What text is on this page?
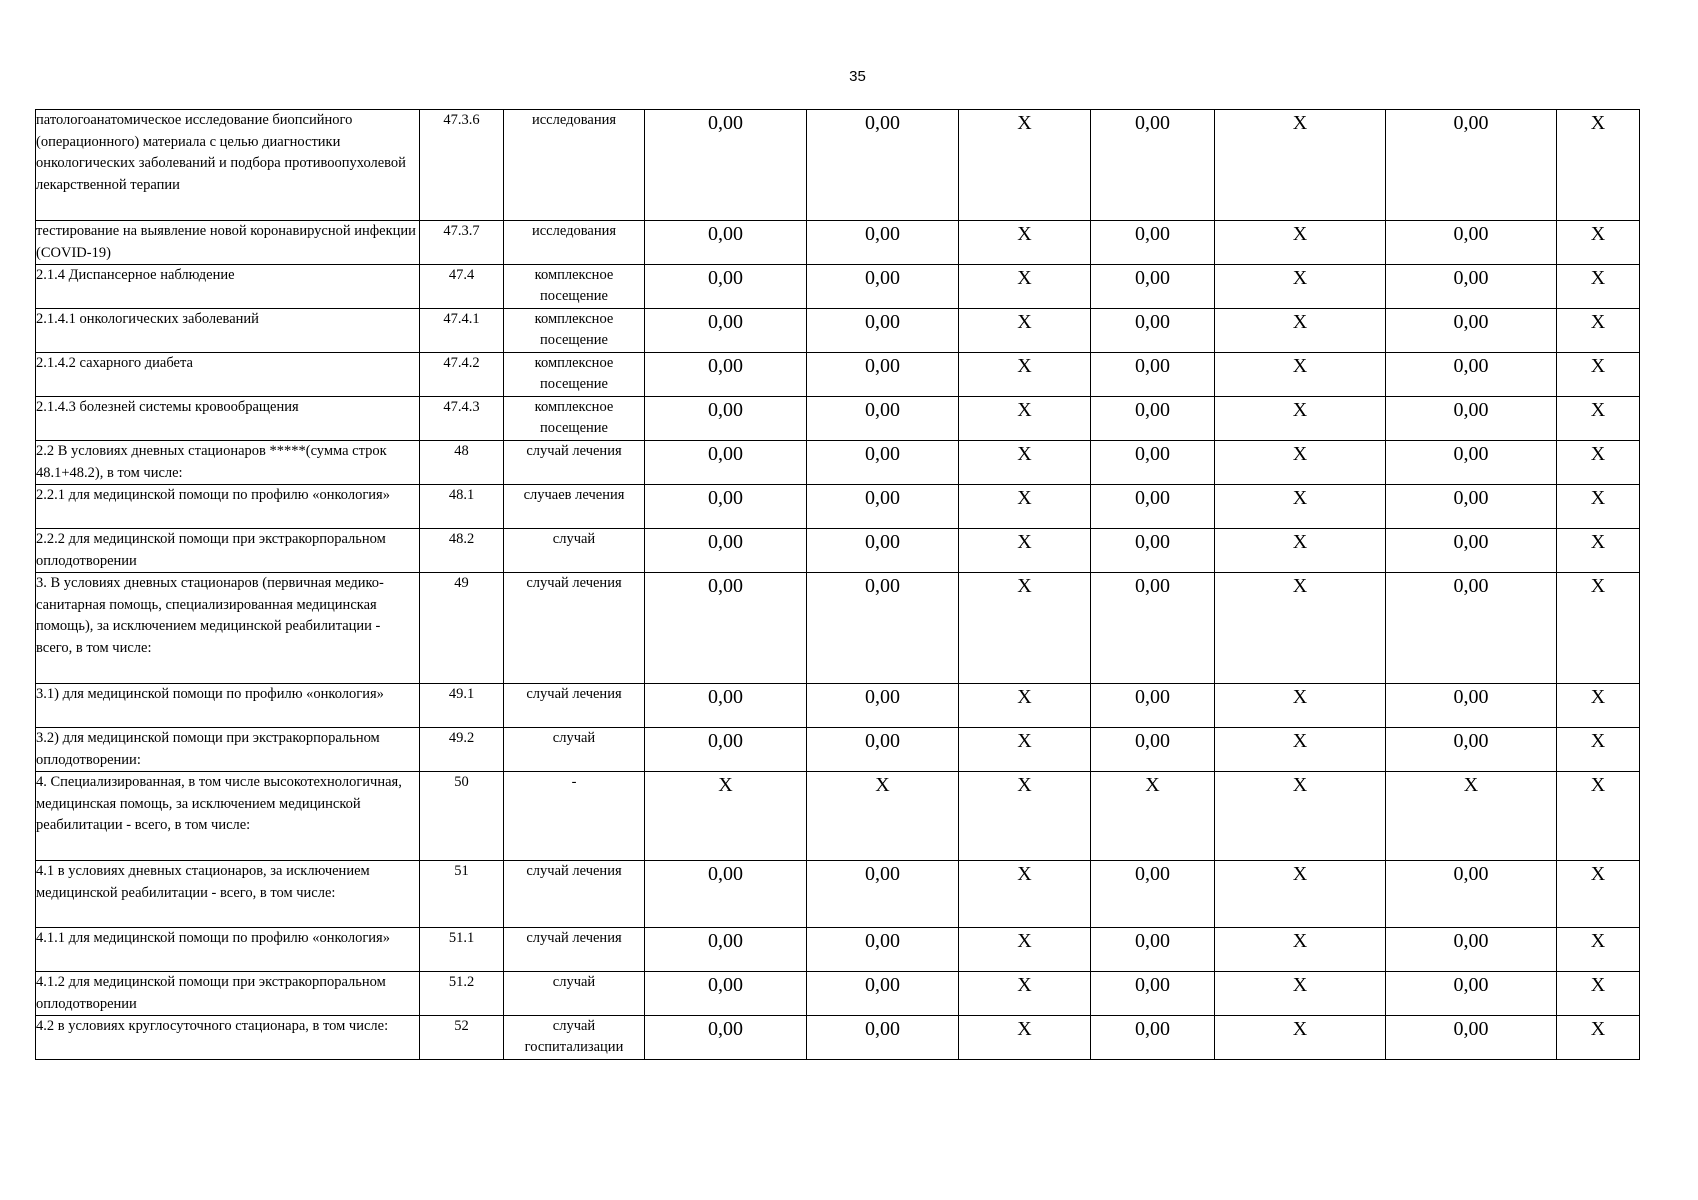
35
патологоанатомическое исследование биопсийного (операционного) материала с целью диагностики онкологических заболеваний и подбора противоопухолевой лекарственной терапии	47.3.6	исследования	0,00	0,00	X	0,00	X	0,00	X
тестирование на выявление новой коронавирусной инфекции (COVID-19)	47.3.7	исследования	0,00	0,00	X	0,00	X	0,00	X
2.1.4 Диспансерное наблюдение	47.4	комплексное посещение	0,00	0,00	X	0,00	X	0,00	X
2.1.4.1 онкологических заболеваний	47.4.1	комплексное посещение	0,00	0,00	X	0,00	X	0,00	X
2.1.4.2 сахарного диабета	47.4.2	комплексное посещение	0,00	0,00	X	0,00	X	0,00	X
2.1.4.3 болезней системы кровообращения	47.4.3	комплексное посещение	0,00	0,00	X	0,00	X	0,00	X
2.2 В условиях дневных стационаров *****(сумма строк 48.1+48.2), в том числе:	48	случай лечения	0,00	0,00	X	0,00	X	0,00	X
2.2.1 для медицинской помощи по профилю «онкология»	48.1	случаев лечения	0,00	0,00	X	0,00	X	0,00	X
2.2.2 для медицинской помощи при экстракорпоральном оплодотворении	48.2	случай	0,00	0,00	X	0,00	X	0,00	X
3. В условиях дневных стационаров (первичная медико-санитарная помощь, специализированная медицинская помощь), за исключением медицинской реабилитации - всего, в том числе:	49	случай лечения	0,00	0,00	X	0,00	X	0,00	X
3.1) для медицинской помощи по профилю «онкология»	49.1	случай лечения	0,00	0,00	X	0,00	X	0,00	X
3.2) для медицинской помощи при экстракорпоральном оплодотворении:	49.2	случай	0,00	0,00	X	0,00	X	0,00	X
4. Специализированная, в том числе высокотехнологичная, медицинская помощь, за исключением медицинской реабилитации - всего, в том числе:	50	-	X	X	X	X	X	X	X
4.1 в условиях дневных стационаров, за исключением медицинской реабилитации - всего, в том числе:	51	случай лечения	0,00	0,00	X	0,00	X	0,00	X
4.1.1 для медицинской помощи по профилю «онкология»	51.1	случай лечения	0,00	0,00	X	0,00	X	0,00	X
4.1.2 для медицинской помощи при экстракорпоральном оплодотворении	51.2	случай	0,00	0,00	X	0,00	X	0,00	X
4.2 в условиях круглосуточного стационара, в том числе:	52	случай госпитализации	0,00	0,00	X	0,00	X	0,00	X
